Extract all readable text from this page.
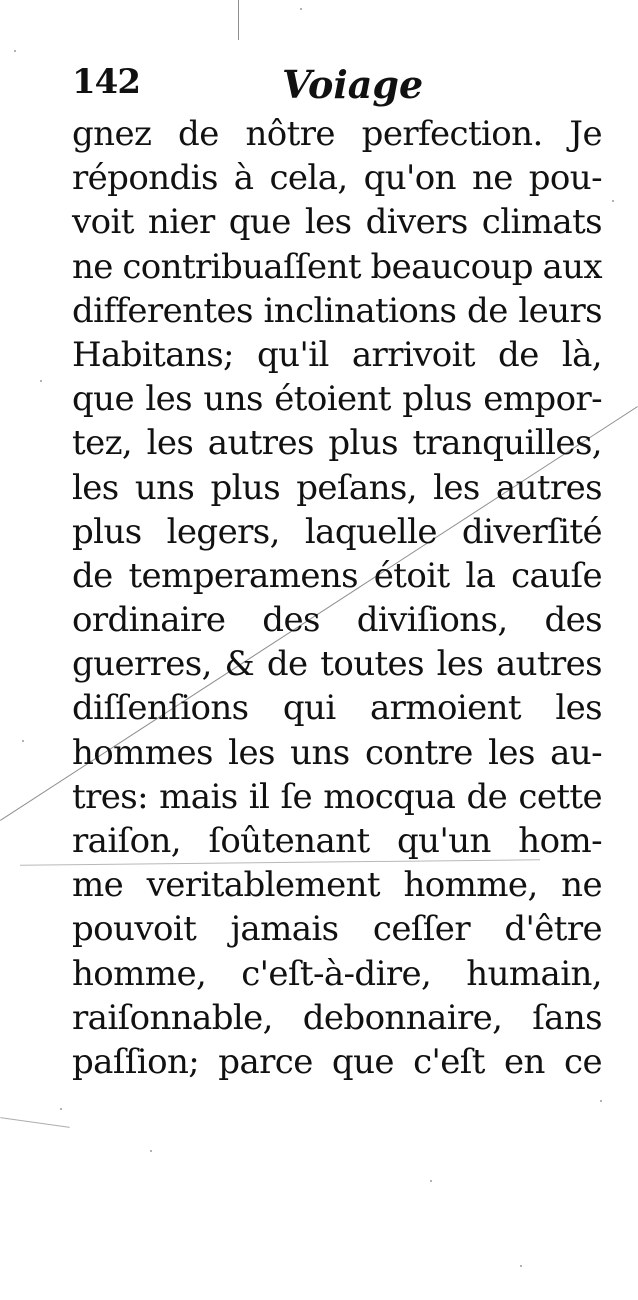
142	Voiage
gnez de nôtre perfection. Je
répondis à cela, qu'on ne pou-
voit nier que les divers climats
ne contribuaſſent beaucoup aux
differentes inclinations de leurs
Habitans; qu'il arrivoit de là,
que les uns étoient plus empor-
tez, les autres plus tranquilles,
les uns plus peſans, les autres
plus legers, laquelle diverſité
de temperamens étoit la cauſe
ordinaire des diviſions, des
guerres, & de toutes les autres
diſſenſions qui armoient les
hommes les uns contre les au-
tres: mais il ſe mocqua de cette
raiſon, ſoûtenant qu'un hom-
me veritablement homme, ne
pouvoit jamais ceſſer d'être
homme, c'eſt-à-dire, humain,
raiſonnable, debonnaire, ſans
paſſion; parce que c'eſt en ce
